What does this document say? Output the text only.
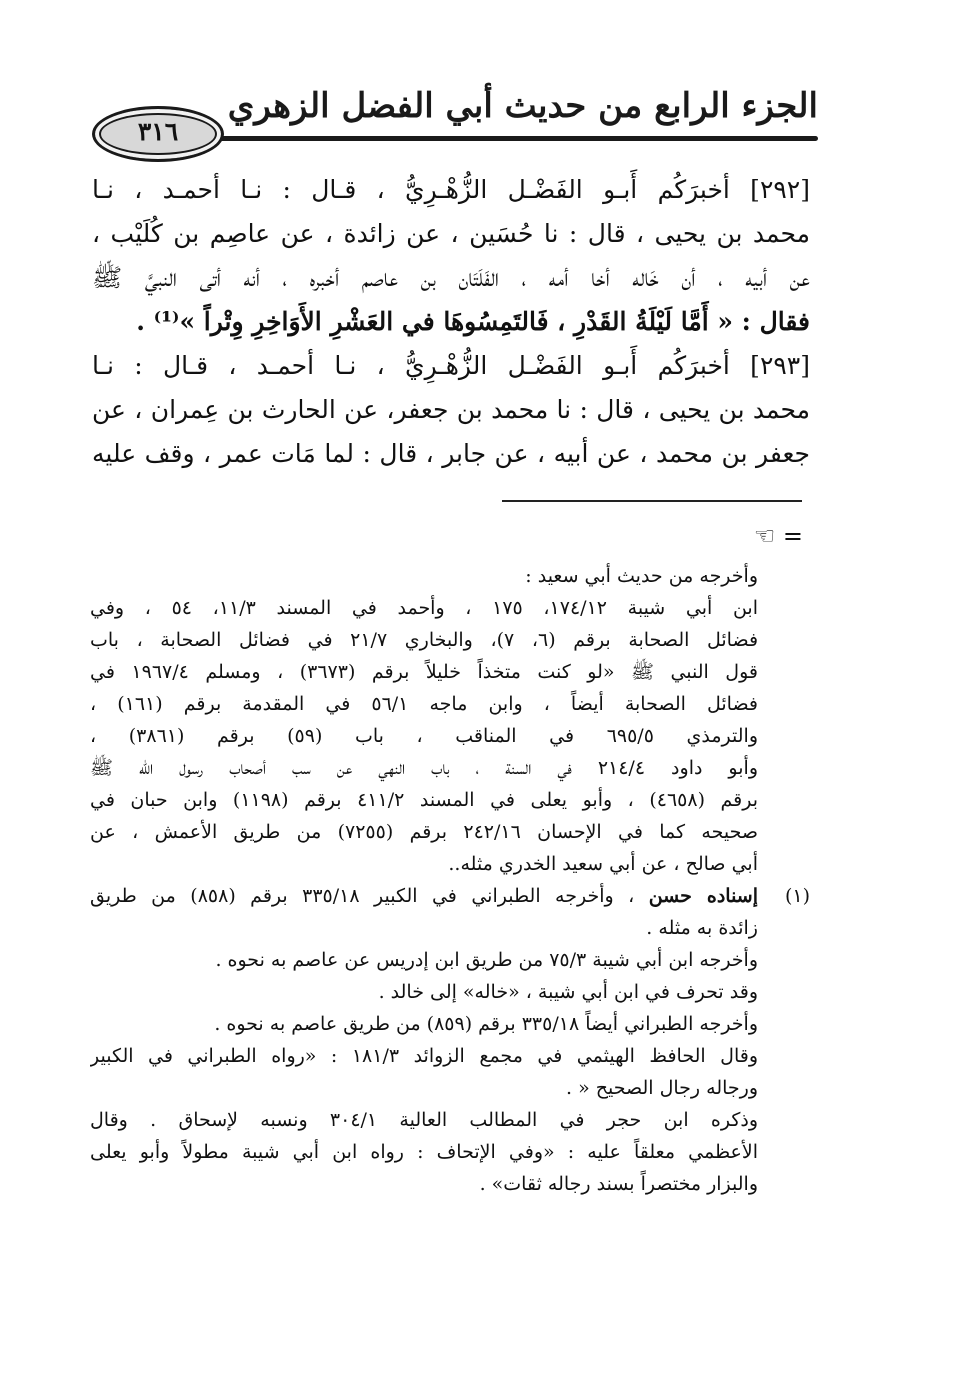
الجزء الرابع من حديث أبي الفضل الزهري
٣١٦
[٢٩٢] أخبرَكُم أَبـو الفَضْـل الزُّهْـرِيُّ ، قـال : نـا أحمـد ، نـا
محمد بن يحيى ، قال : نا حُسَين ، عن زائدة ، عن عاصِم بن كُلَيْب ،
عن أبيه ، أن خَاله أخا أمه ، الفَلَتَان بن عاصم أخبره ، أنه أتى النبيَّ ﷺ
فقال : « أَمَّا لَيْلَةُ القَدْرِ ، فَالتَمِسُوهَا في العَشْرِ الأَوَاخِرِ وِتْراً »⁽¹⁾ .
[٢٩٣] أخبرَكُم أَبـو الفَضْـل الزُّهْـرِيُّ ، نـا أحمـد ، قـال : نـا
محمد بن يحيى ، قال : نا محمد بن جعفر، عن الحارث بن عِمران ، عن
جعفر بن محمد ، عن أبيه ، عن جابر ، قال : لما مَات عمر ، وقف عليه
= ☜
وأخرجه من حديث أبي سعيد :
ابن أبي شيبة ١٧٤/١٢، ١٧٥ ، وأحمد في المسند ١١/٣، ٥٤ ، وفي
فضائل الصحابة برقم (٦، ٧)، والبخاري ٢١/٧ في فضائل الصحابة ، باب
قول النبي ﷺ «لو كنت متخذاً خليلاً برقم (٣٦٧٣) ، ومسلم ١٩٦٧/٤ في
فضائل الصحابة أيضاً ، وابن ماجه ٥٦/١ في المقدمة برقم (١٦١) ،
والترمذي ٦٩٥/٥ في المناقب ، باب (٥٩) برقم (٣٨٦١) ،
وأبو داود ٢١٤/٤ في السنة ، باب النهي عن سب أصحاب رسول الله ﷺ
برقم (٤٦٥٨) ، وأبو يعلى في المسند ٤١١/٢ برقم (١١٩٨) وابن حبان في
صحيحه كما في الإحسان ٢٤٢/١٦ برقم (٧٢٥٥) من طريق الأعمش ، عن
أبي صالح ، عن أبي سعيد الخدري مثله..
(١)إسناده حسن ، وأخرجه الطبراني في الكبير ٣٣٥/١٨ برقم (٨٥٨) من طريق
زائدة به مثله .
وأخرجه ابن أبي شيبة ٧٥/٣ من طريق ابن إدريس عن عاصم به نحوه .
وقد تحرف في ابن أبي شيبة ، «خاله» إلى خالد .
وأخرجه الطبراني أيضاً ٣٣٥/١٨ برقم (٨٥٩) من طريق عاصم به نحوه .
وقال الحافظ الهيثمي في مجمع الزوائد ١٨١/٣ : «رواه الطبراني في الكبير
ورجاله رجال الصحيح « .
وذكره ابن حجر في المطالب العالية ٣٠٤/١ ونسبه لإسحاق . وقال
الأعظمي معلقاً عليه : «وفي الإتحاف : رواه ابن أبي شيبة مطولاً وأبو يعلى
والبزار مختصراً بسند رجاله ثقات» .
